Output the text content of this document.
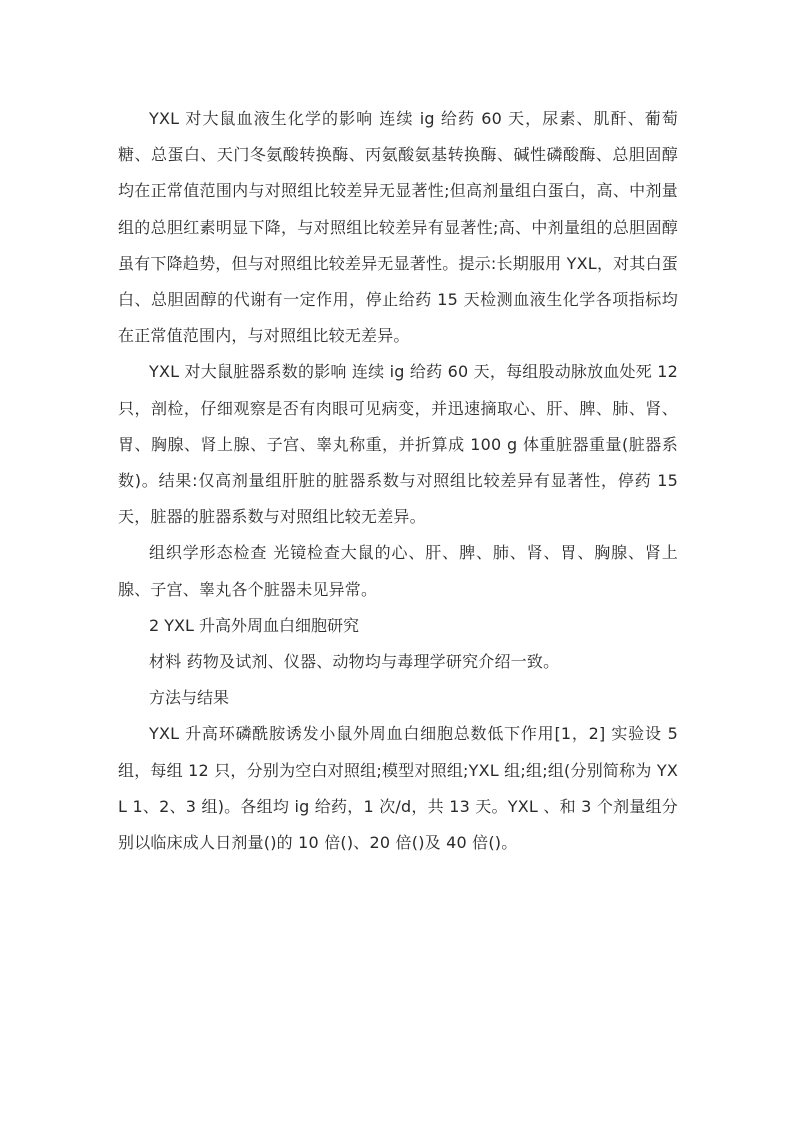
YXL 对大鼠血液生化学的影响 连续 ig 给药 60 天，尿素、肌酐、葡萄糖、总蛋白、天门冬氨酸转换酶、丙氨酸氨基转换酶、碱性磷酸酶、总胆固醇均在正常值范围内与对照组比较差异无显著性;但高剂量组白蛋白，高、中剂量组的总胆红素明显下降，与对照组比较差异有显著性;高、中剂量组的总胆固醇虽有下降趋势，但与对照组比较差异无显著性。提示:长期服用 YXL，对其白蛋白、总胆固醇的代谢有一定作用，停止给药 15 天检测血液生化学各项指标均在正常值范围内，与对照组比较无差异。

YXL 对大鼠脏器系数的影响 连续 ig 给药 60 天，每组股动脉放血处死 12 只，剖检，仔细观察是否有肉眼可见病变，并迅速摘取心、肝、脾、肺、肾、胃、胸腺、肾上腺、子宫、睾丸称重，并折算成 100 g 体重脏器重量(脏器系数)。结果:仅高剂量组肝脏的脏器系数与对照组比较差异有显著性，停药 15 天，脏器的脏器系数与对照组比较无差异。

组织学形态检查 光镜检查大鼠的心、肝、脾、肺、肾、胃、胸腺、肾上腺、子宫、睾丸各个脏器未见异常。

2 YXL 升高外周血白细胞研究

材料 药物及试剂、仪器、动物均与毒理学研究介绍一致。

方法与结果

YXL 升高环磷酰胺诱发小鼠外周血白细胞总数低下作用[1，2] 实验设 5 组，每组 12 只，分别为空白对照组;模型对照组;YXL 组;组;组(分别简称为 YXL 1、2、3 组)。各组均 ig 给药，1 次/d，共 13 天。YXL 、和 3 个剂量组分别以临床成人日剂量()的 10 倍()、20 倍()及 40 倍()。
